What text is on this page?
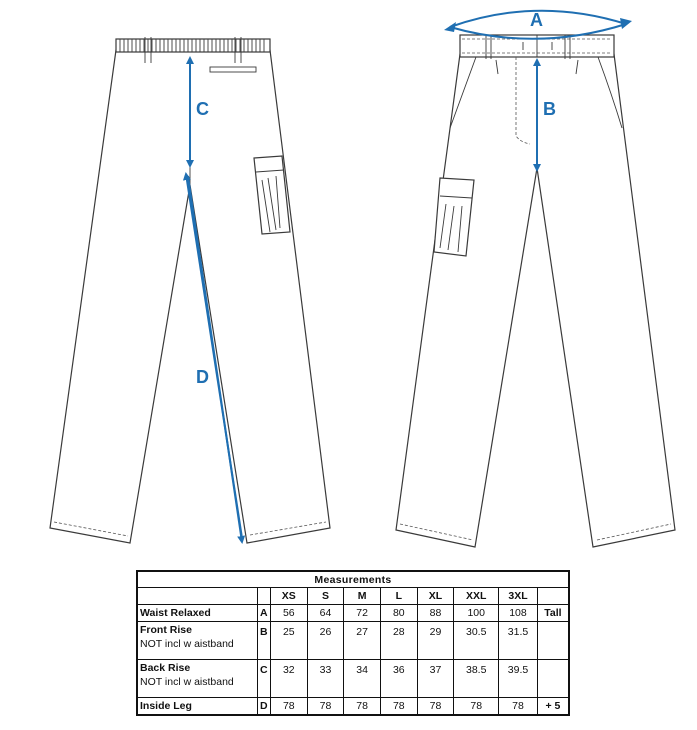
C
D
B
A
Measurements									
		XS	S	M	L	XL	XXL	3XL	
Waist Relaxed	A	56	64	72	80	88	100	108	Tall
Front Rise
NOT incl w aistband	B	25	26	27	28	29	30.5	31.5	
Back Rise
NOT incl w aistband	C	32	33	34	36	37	38.5	39.5	
Inside Leg	D	78	78	78	78	78	78	78	+ 5
